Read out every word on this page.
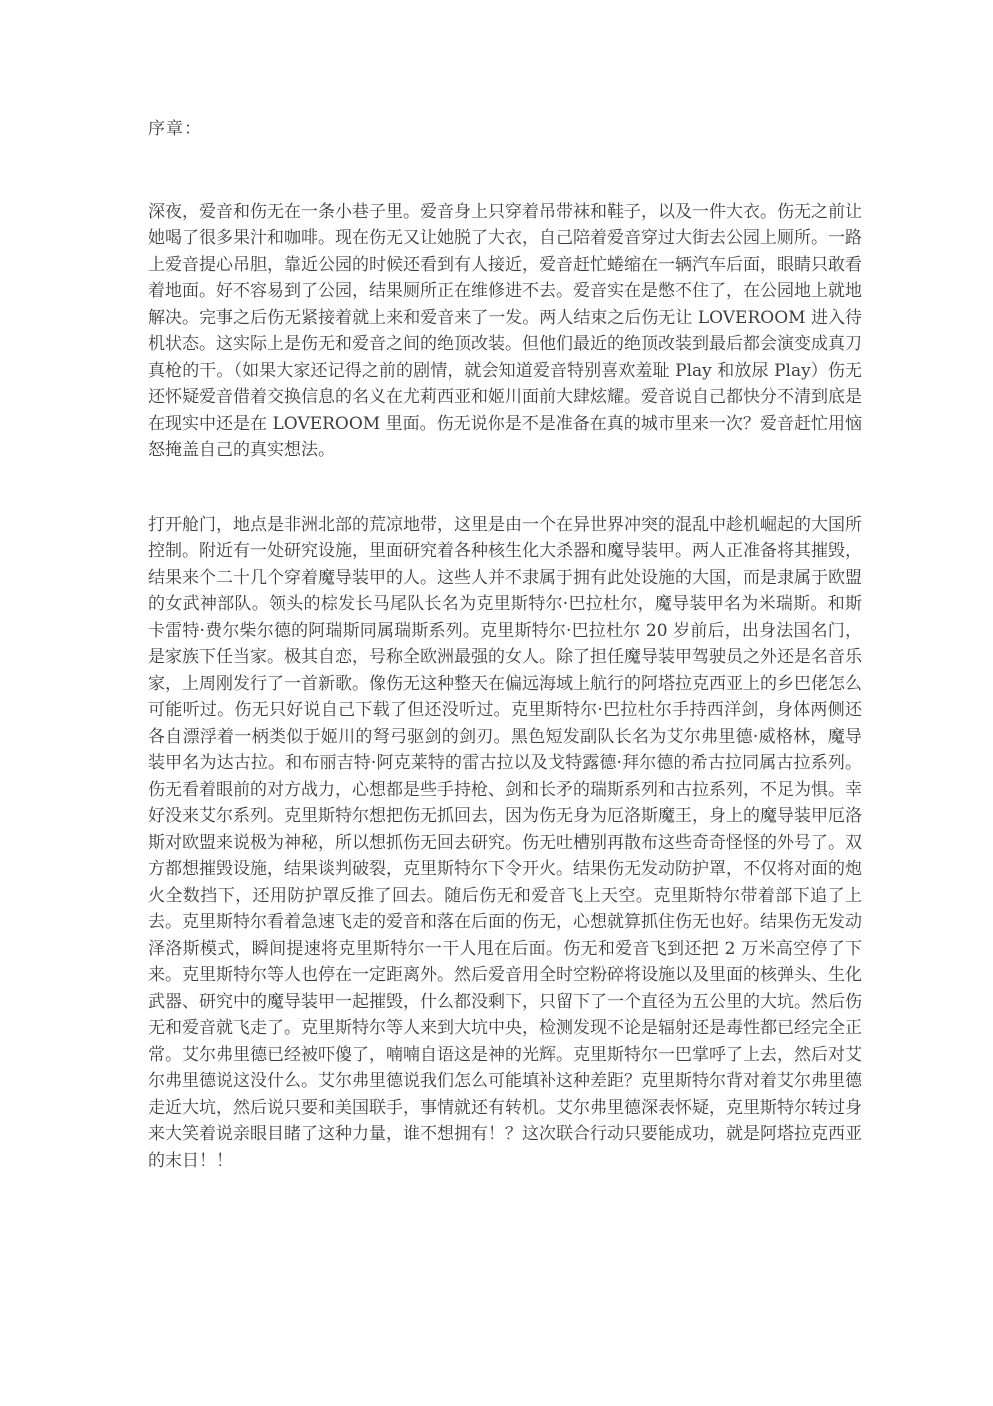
序章：

深夜，爱音和伤无在一条小巷子里。爱音身上只穿着吊带袜和鞋子，以及一件大衣。伤无之前让她喝了很多果汁和咖啡。现在伤无又让她脱了大衣，自己陪着爱音穿过大街去公园上厕所。一路上爱音提心吊胆，靠近公园的时候还看到有人接近，爱音赶忙蜷缩在一辆汽车后面，眼睛只敢看着地面。好不容易到了公园，结果厕所正在维修进不去。爱音实在是憋不住了，在公园地上就地解决。完事之后伤无紧接着就上来和爱音来了一发。两人结束之后伤无让 LOVEROOM 进入待机状态。这实际上是伤无和爱音之间的绝顶改装。但他们最近的绝顶改装到最后都会演变成真刀真枪的干。（如果大家还记得之前的剧情，就会知道爱音特别喜欢羞耻 Play 和放尿 Play）伤无还怀疑爱音借着交换信息的名义在尤莉西亚和姬川面前大肆炫耀。爱音说自己都快分不清到底是在现实中还是在 LOVEROOM 里面。伤无说你是不是准备在真的城市里来一次？爱音赶忙用恼怒掩盖自己的真实想法。

打开舱门，地点是非洲北部的荒凉地带，这里是由一个在异世界冲突的混乱中趁机崛起的大国所控制。附近有一处研究设施，里面研究着各种核生化大杀器和魔导装甲。两人正准备将其摧毁，结果来个二十几个穿着魔导装甲的人。这些人并不隶属于拥有此处设施的大国，而是隶属于欧盟的女武神部队。领头的棕发长马尾队长名为克里斯特尔·巴拉杜尔，魔导装甲名为米瑞斯。和斯卡雷特·费尔柴尔德的阿瑞斯同属瑞斯系列。克里斯特尔·巴拉杜尔 20 岁前后，出身法国名门，是家族下任当家。极其自恋，号称全欧洲最强的女人。除了担任魔导装甲驾驶员之外还是名音乐家，上周刚发行了一首新歌。像伤无这种整天在偏远海域上航行的阿塔拉克西亚上的乡巴佬怎么可能听过。伤无只好说自己下载了但还没听过。克里斯特尔·巴拉杜尔手持西洋剑，身体两侧还各自漂浮着一柄类似于姬川的弩弓驱剑的剑刃。黑色短发副队长名为艾尔弗里德·威格林，魔导装甲名为达古拉。和布丽吉特·阿克莱特的雷古拉以及戈特露德·拜尔德的希古拉同属古拉系列。伤无看着眼前的对方战力，心想都是些手持枪、剑和长矛的瑞斯系列和古拉系列，不足为惧。幸好没来艾尔系列。克里斯特尔想把伤无抓回去，因为伤无身为厄洛斯魔王，身上的魔导装甲厄洛斯对欧盟来说极为神秘，所以想抓伤无回去研究。伤无吐槽别再散布这些奇奇怪怪的外号了。双方都想摧毁设施，结果谈判破裂，克里斯特尔下令开火。结果伤无发动防护罩，不仅将对面的炮火全数挡下，还用防护罩反推了回去。随后伤无和爱音飞上天空。克里斯特尔带着部下追了上去。克里斯特尔看着急速飞走的爱音和落在后面的伤无，心想就算抓住伤无也好。结果伤无发动泽洛斯模式，瞬间提速将克里斯特尔一干人甩在后面。伤无和爱音飞到还把 2 万米高空停了下来。克里斯特尔等人也停在一定距离外。然后爱音用全时空粉碎将设施以及里面的核弹头、生化武器、研究中的魔导装甲一起摧毁，什么都没剩下，只留下了一个直径为五公里的大坑。然后伤无和爱音就飞走了。克里斯特尔等人来到大坑中央，检测发现不论是辐射还是毒性都已经完全正常。艾尔弗里德已经被吓傻了，喃喃自语这是神的光辉。克里斯特尔一巴掌呼了上去，然后对艾尔弗里德说这没什么。艾尔弗里德说我们怎么可能填补这种差距？克里斯特尔背对着艾尔弗里德走近大坑，然后说只要和美国联手，事情就还有转机。艾尔弗里德深表怀疑，克里斯特尔转过身来大笑着说亲眼目睹了这种力量，谁不想拥有！？这次联合行动只要能成功，就是阿塔拉克西亚的末日！！
